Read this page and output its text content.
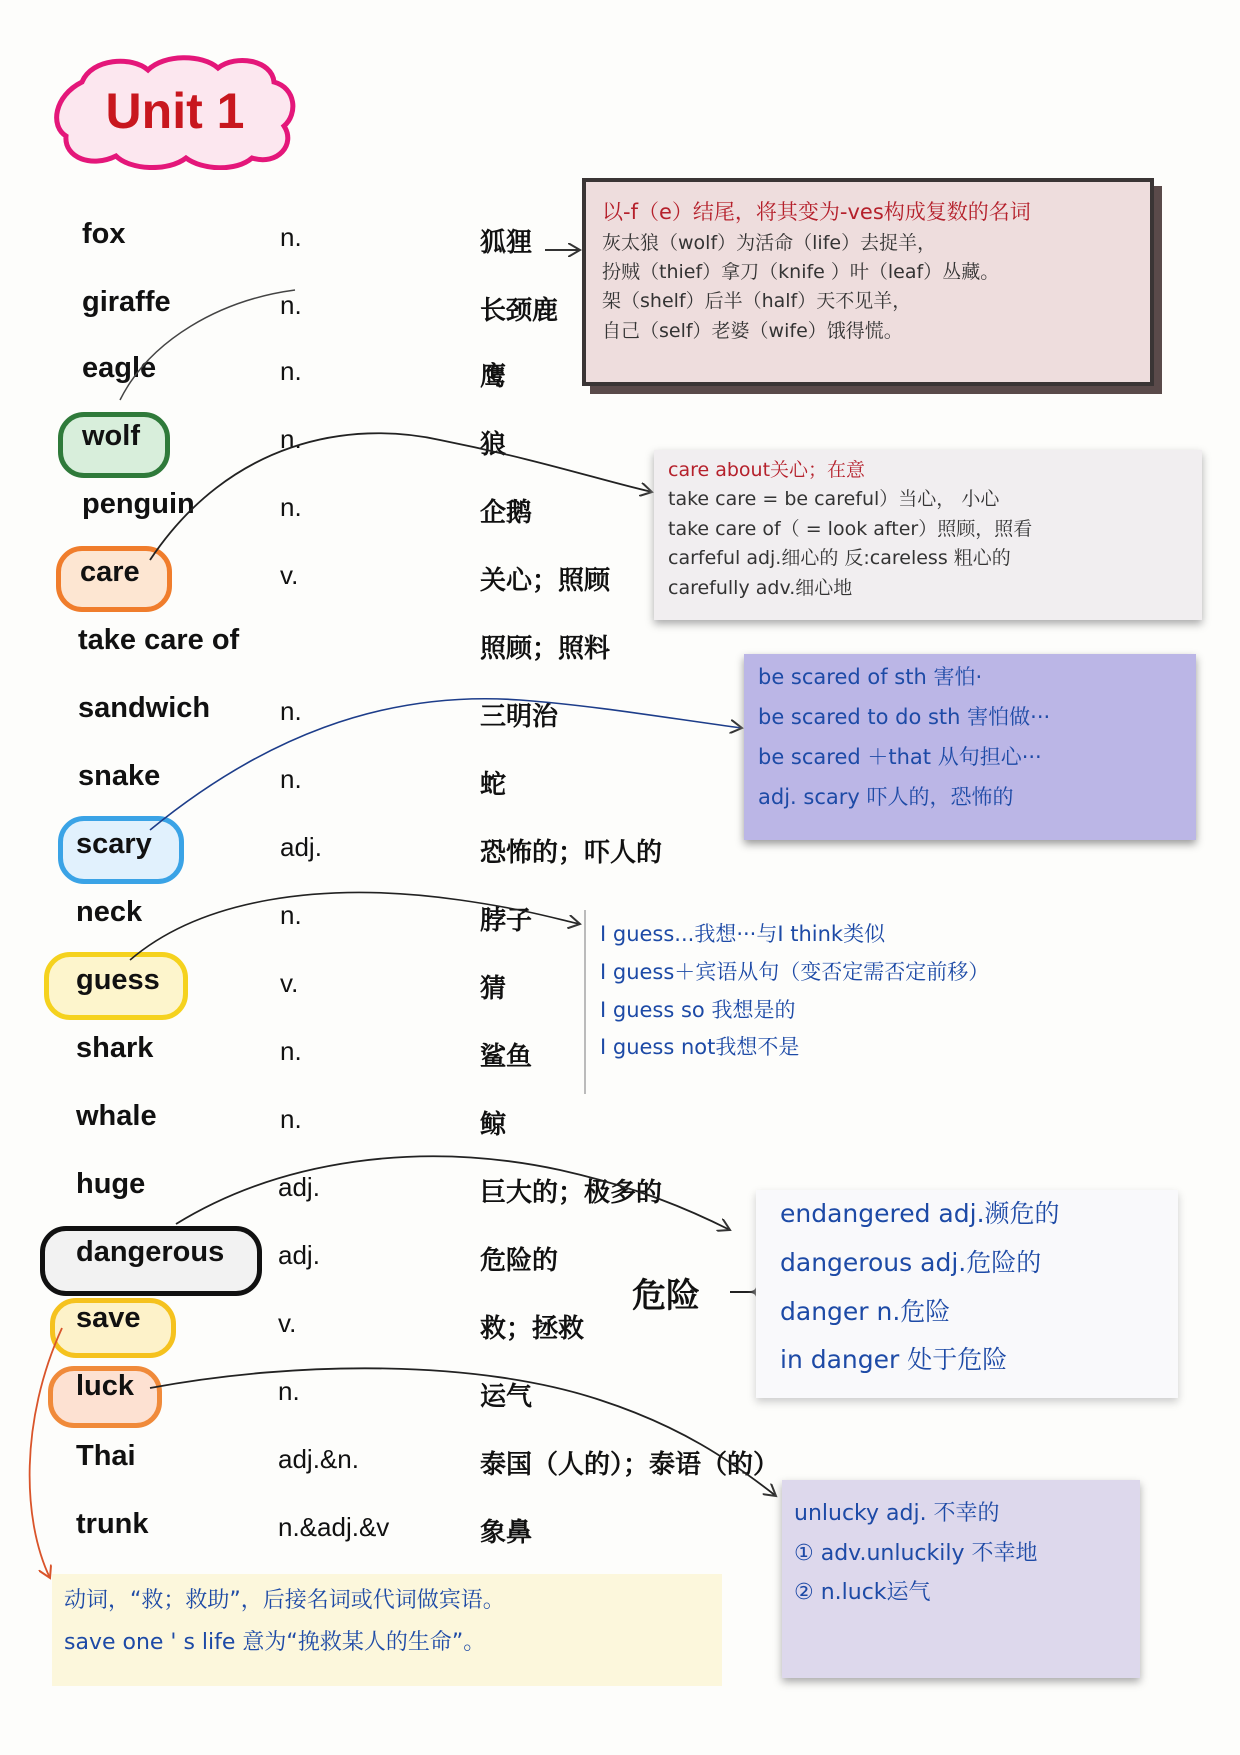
Unit 1
fox	n.	狐狸
giraffe	n.	长颈鹿
eagle	n.	鹰
wolf	n.	狼
penguin	n.	企鹅
care	v.	关心；照顾
take care of	照顾；照料
sandwich	n.	三明治
snake	n.	蛇
scary	adj.	恐怖的；吓人的
neck	n.	脖子
guess	v.	猜
shark	n.	鲨鱼
whale	n.	鲸
huge	adj.	巨大的；极多的
dangerous adj.	危险的
save	v.	救；拯救
luck	n.	运气
Thai	adj.&n.	泰国（人的）；泰语（的）
trunk	n.&adj.&v	象鼻
以-f（e）结尾，将其变为-ves构成复数的名词
灰太狼（wolf）为活命（life）去捉羊，
扮贼（thief）拿刀（knife ）叶（leaf）丛藏。
架（shelf）后半（half）天不见羊，
自己（self）老婆（wife）饿得慌。
care about关心；在意
take care = be careful）当心， 小心
take care of（ = look after）照顾，照看
carfeful adj.细心的 反:careless 粗心的
carefully adv.细心地
be scared of sth 害怕·
be scared to do sth 害怕做···
be scared ＋that 从句担心···
adj. scary 吓人的，恐怖的
I guess...我想···与I think类似
I guess＋宾语从句（变否定需否定前移）
I guess so 我想是的
I guess not我想不是
危险
endangered adj.濒危的
dangerous adj.危险的
danger n.危险
in danger 处于危险
unlucky adj. 不幸的
① adv.unluckily 不幸地
② n.luck运气
动词，“救；救助”，后接名词或代词做宾语。
save one ' s life 意为“挽救某人的生命”。
